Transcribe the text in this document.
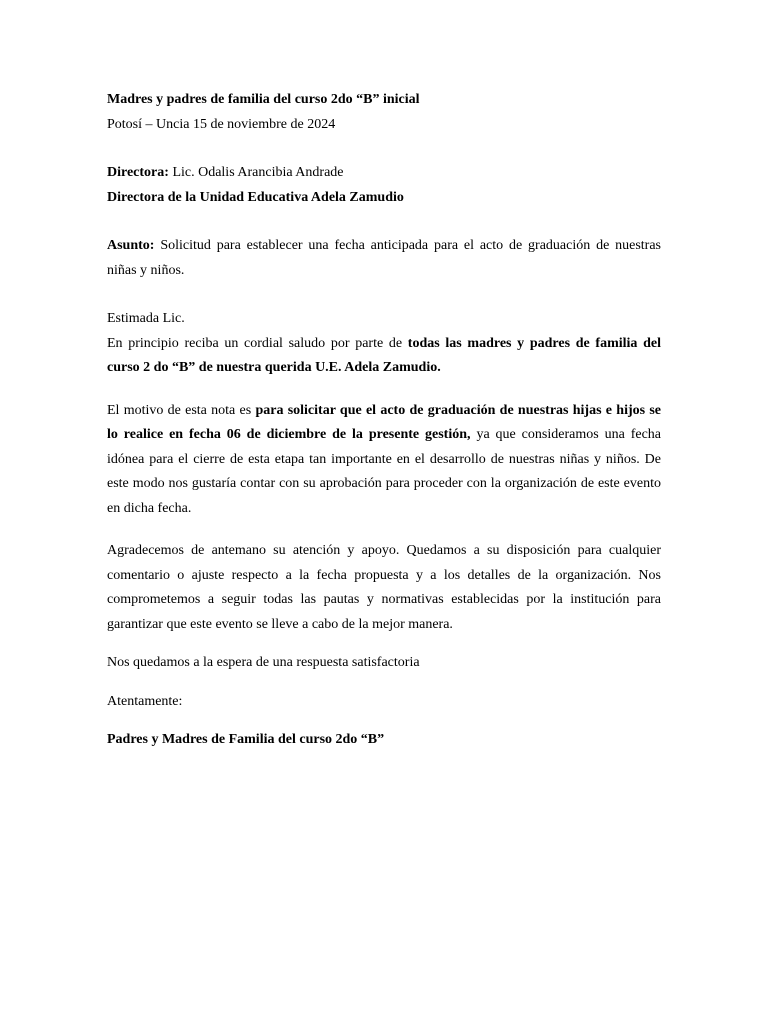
Madres y padres de familia del curso 2do “B” inicial

Potosí – Uncia 15 de noviembre de 2024

Directora: Lic. Odalis Arancibia Andrade

Directora de la Unidad Educativa Adela Zamudio

Asunto: Solicitud para establecer una fecha anticipada para el acto de graduación de nuestras niñas y niños.

Estimada Lic.

En principio reciba un cordial saludo por parte de todas las madres y padres de familia del curso 2 do “B” de nuestra querida U.E. Adela Zamudio.

El motivo de esta nota es para solicitar que el acto de graduación de nuestras hijas e hijos se lo realice en fecha 06 de diciembre de la presente gestión, ya que consideramos una fecha idónea para el cierre de esta etapa tan importante en el desarrollo de nuestras niñas y niños. De este modo nos gustaría contar con su aprobación para proceder con la organización de este evento en dicha fecha.

Agradecemos de antemano su atención y apoyo. Quedamos a su disposición para cualquier comentario o ajuste respecto a la fecha propuesta y a los detalles de la organización. Nos comprometemos a seguir todas las pautas y normativas establecidas por la institución para garantizar que este evento se lleve a cabo de la mejor manera.

Nos quedamos a la espera de una respuesta satisfactoria

Atentamente:

Padres y Madres de Familia del curso 2do “B”
